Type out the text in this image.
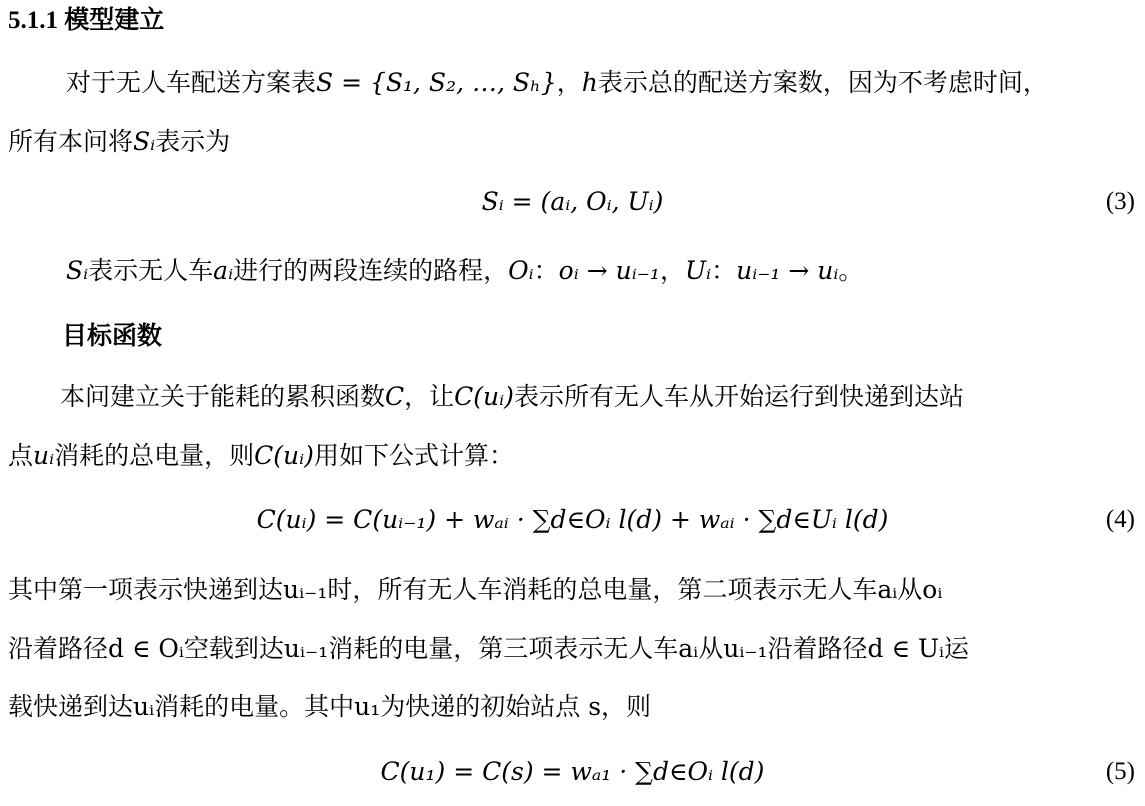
5.1.1 模型建立
对于无人车配送方案表S = {S₁, S₂, …, Sₕ}，h表示总的配送方案数，因为不考虑时间，
所有本问将Sᵢ表示为
Sᵢ = (aᵢ, Oᵢ, Uᵢ)	(3)
Sᵢ表示无人车aᵢ进行的两段连续的路程，Oᵢ：oᵢ → uᵢ₋₁，Uᵢ：uᵢ₋₁ → uᵢ。
目标函数
本问建立关于能耗的累积函数C，让C(uᵢ)表示所有无人车从开始运行到快递到达站
点uᵢ消耗的总电量，则C(uᵢ)用如下公式计算：
C(uᵢ) = C(uᵢ₋₁) + wₐᵢ · ∑d∈Oᵢ l(d) + wₐᵢ · ∑d∈Uᵢ l(d)	(4)
其中第一项表示快递到达uᵢ₋₁时，所有无人车消耗的总电量，第二项表示无人车aᵢ从oᵢ
沿着路径d ∈ Oᵢ空载到达uᵢ₋₁消耗的电量，第三项表示无人车aᵢ从uᵢ₋₁沿着路径d ∈ Uᵢ运
载快递到达uᵢ消耗的电量。其中u₁为快递的初始站点 s，则
C(u₁) = C(s) = wₐ₁ · ∑d∈Oᵢ l(d)	(5)
